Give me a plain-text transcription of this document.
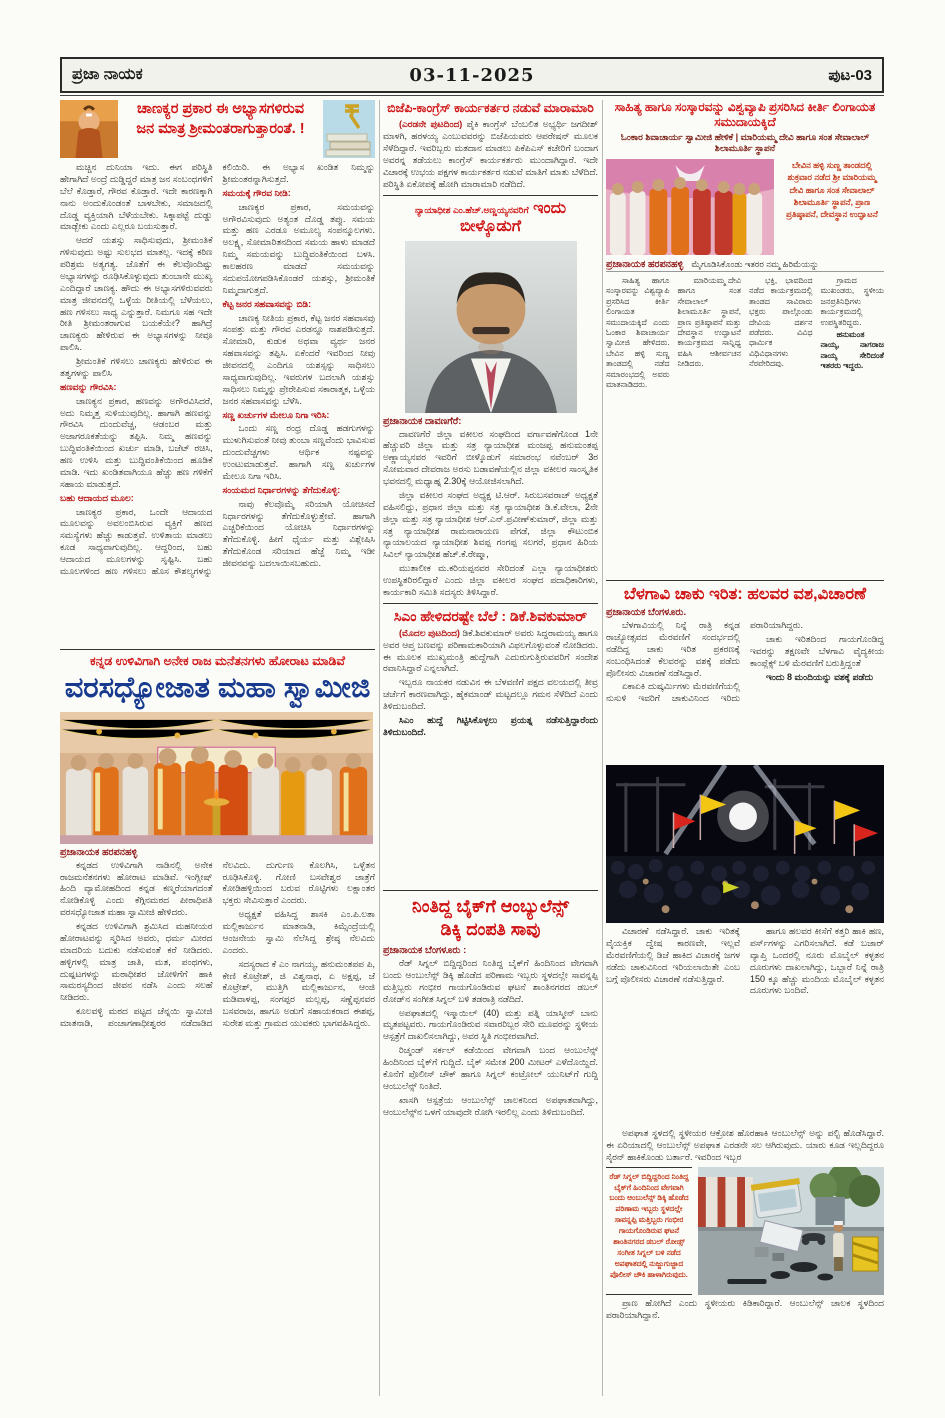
ಪ್ರಜಾ ನಾಯಕ	03-11-2025	ಪುಟ-03
ಚಾಣಕ್ಯರ ಪ್ರಕಾರ ಈ ಅಭ್ಯಾಸಗಳಿರುವ
ಜನ ಮಾತ್ರ ಶ್ರೀಮಂತರಾಗುತ್ತಾರಂತೆ. !

ಮಚ್ಚಿನ ದುನಿಯಾ ಇದು. ಈಗ ಪರಿಸ್ಥಿತಿ ಹೇಗಾಗಿದೆ ಅಂದ್ರೆ ದುಡ್ಡಿದ್ದರೆ ಮಾತ್ರ ಜನ ಸಂಬಂಧಗಳಿಗೆ ಬೆಲೆ ಕೊಡ್ತಾರೆ, ಗೌರವ ಕೊಡ್ತಾರೆ. ಇದೇ ಕಾರಣಕ್ಕಾಗಿ ನಾನು ಅಂದುಕೊಂಡಂತೆ ಬಾಳಬೇಕು, ಸಮಾಜದಲ್ಲಿ ದೊಡ್ಡ ವ್ಯಕ್ತಿಯಾಗಿ ಬೆಳೆಯಬೇಕು. ಸಿಕ್ಕಾಪಟ್ಟೆ ದುಡ್ಡು ಮಾಡ್ಬೇಕು ಎಂದು ಎಲ್ಲರೂ ಬಯಸುತ್ತಾರೆ.

ಆದರೆ ಯಶಸ್ಸು ಸಾಧಿಸುವುದು, ಶ್ರೀಮಂತಿಕೆ ಗಳಿಸುವುದು ಅಷ್ಟು ಸುಲಭದ ಮಾತಲ್ಲ. ಇದಕ್ಕೆ ಕಠಿಣ ಪರಿಶ್ರಮ ಅತ್ಯಗತ್ಯ. ಜೊತೆಗೆ ಈ ಕೆಲವೊಂದಿಷ್ಟು ಅಭ್ಯಾಸಗಳನ್ನು ರೂಢಿಸಿಕೊಳ್ಳುವುದು ತುಂಬಾನೇ ಮುಖ್ಯ ಎಂದಿದ್ದಾರೆ ಚಾಣಕ್ಯ. ಹೌದು ಈ ಅಭ್ಯಾಸಗಳಿರುವವರು ಮಾತ್ರ ಜೀವನದಲ್ಲಿ ಒಳ್ಳೆಯ ರೀತಿಯಲ್ಲಿ ಬೆಳೆಯಲು, ಹಣ ಗಳಿಸಲು ಸಾಧ್ಯ ಎನ್ನುತ್ತಾರೆ. ನಿಮಗೂ ಸಹ ಇದೇ ರೀತಿ ಶ್ರೀಮಂತರಾಗುವ ಬಯಕೆಯೇ? ಹಾಗಿದ್ರೆ ಚಾಣಕ್ಯರು ಹೇಳಿರುವ ಈ ಅಭ್ಯಾಸಗಳನ್ನು ನೀವೂ ಪಾಲಿಸಿ.

ಶ್ರೀಮಂತಿಕೆ ಗಳಿಸಲು ಚಾಣಕ್ಯರು ಹೇಳಿರುವ ಈ ತತ್ವಗಳನ್ನು ಪಾಲಿಸಿ

ಹಣವನ್ನು ಗೌರವಿಸಿ:

ಚಾಣಕ್ಯನ ಪ್ರಕಾರ, ಹಣವನ್ನು ಅಗೌರವಿಸಿದರೆ, ಅದು ನಿಮ್ಮತ್ತ ಸುಳಿಯುವುದಿಲ್ಲ. ಹಾಗಾಗಿ ಹಣವನ್ನು ಗೌರವಿಸಿ ದುಂದುವೆಚ್ಚ, ಆಡಂಬರ ಮತ್ತು ಅಜಾಗರೂಕತೆಯನ್ನು ತಪ್ಪಿಸಿ. ನಿಮ್ಮ ಹಣವನ್ನು ಬುದ್ಧಿವಂತಿಕೆಯಿಂದ ಖರ್ಚು ಮಾಡಿ, ಬಜೆಟ್ ರಚಿಸಿ, ಹಣ ಉಳಿಸಿ ಮತ್ತು ಬುದ್ಧಿವಂತಿಕೆಯಿಂದ ಹೂಡಿಕೆ ಮಾಡಿ. ಇದು ಖಂಡಿತವಾಗಿಯೂ ಹೆಚ್ಚು ಹಣ ಗಳಿಕೆಗೆ ಸಹಾಯ ಮಾಡುತ್ತದೆ.

ಬಹು ಆದಾಯದ ಮೂಲ:

ಚಾಣಕ್ಯರ ಪ್ರಕಾರ, ಒಂದೇ ಆದಾಯದ ಮೂಲವನ್ನು ಅವಲಂಬಿಸಿರುವ ವ್ಯಕ್ತಿಗೆ ಹಣದ ಸಮಸ್ಯೆಗಳು ಹೆಚ್ಚು ಕಾಡುತ್ತವೆ. ಉಳಿತಾಯ ಮಾಡಲು ಕೂಡ ಸಾಧ್ಯವಾಗುವುದಿಲ್ಲ. ಆದ್ದರಿಂದ, ಬಹು ಆದಾಯದ ಮೂಲಗಳನ್ನು ಸೃಷ್ಟಿಸಿ. ಬಹು ಮೂಲಗಳಿಂದ ಹಣ ಗಳಿಸಲು ಹೊಸ ಕೌಶಲ್ಯಗಳನ್ನು ಕಲಿಯಿರಿ. ಈ ಅಭ್ಯಾಸ ಖಂಡಿತ ನಿಮ್ಮನ್ನು ಶ್ರೀಮಂತರನ್ನಾಗಿಸುತ್ತದೆ.

ಸಮಯಕ್ಕೆ ಗೌರವ ನೀಡಿ:

ಚಾಣಕ್ಯರ ಪ್ರಕಾರ, ಸಮಯವನ್ನು ಅಗೌರವಿಸುವುದು ಅತ್ಯಂತ ದೊಡ್ಡ ತಪ್ಪು. ಸಮಯ ಮತ್ತು ಹಣ ಎರಡೂ ಅಮೂಲ್ಯ ಸಂಪನ್ಮೂಲಗಳು. ಅಲಕ್ಷ್ಯ, ಸೋಮಾರಿತನದಿಂದ ಸಮಯ ಹಾಳು ಮಾಡದೆ ನಿಮ್ಮ ಸಮಯವನ್ನು ಬುದ್ಧಿವಂತಿಕೆಯಿಂದ ಬಳಸಿ. ಕಾಲಹರಣ ಮಾಡದೆ ಸಮಯವನ್ನು ಸದುಪಯೋಗಪಡಿಸಿಕೊಂಡರೆ ಯಶಸ್ಸು, ಶ್ರೀಮಂತಿಕೆ ನಿಮ್ಮದಾಗುತ್ತದೆ.

ಕೆಟ್ಟ ಜನರ ಸಹವಾಸವನ್ನು ಬಿಡಿ:

ಚಾಣಕ್ಯ ನೀತಿಯ ಪ್ರಕಾರ, ಕೆಟ್ಟ ಜನರ ಸಹವಾಸವು ಸಂಪತ್ತು ಮತ್ತು ಗೌರವ ಎರಡನ್ನೂ ನಾಶಪಡಿಸುತ್ತದೆ. ಸೋಮಾರಿ, ಕುಡುಕ ಅಥವಾ ವ್ಯರ್ಥ ಜನರ ಸಹವಾಸವನ್ನು ತಪ್ಪಿಸಿ. ಏಕೆಂದರೆ ಇವರಿಂದ ನೀವು ಜೀವನದಲ್ಲಿ ಎಂದಿಗೂ ಯಶಸ್ಸನ್ನು ಸಾಧಿಸಲು ಸಾಧ್ಯವಾಗುವುದಿಲ್ಲ. ಇವರುಗಳ ಬದಲಾಗಿ ಯಶಸ್ಸು ಸಾಧಿಸಲು ನಿಮ್ಮನ್ನು ಪ್ರೇರೇಪಿಸುವ ಸಕಾರಾತ್ಮಕ, ಒಳ್ಳೆಯ ಜನರ ಸಹವಾಸವನ್ನು ಬೆಳೆಸಿ.

ಸಣ್ಣ ಖರ್ಚುಗಳ ಮೇಲೂ ನಿಗಾ ಇರಿಸಿ:

ಒಂದು ಸಣ್ಣ ರಂಧ್ರ ದೊಡ್ಡ ಹಡಗುಗಳನ್ನು ಮುಳುಗಿಸುವಂತೆ ನೀವು ತುಂಬಾ ಸಣ್ಣವೆಂದು ಭಾವಿಸುವ ದುಂದುವೆಚ್ಚಗಳು ಆರ್ಥಿಕ ನಷ್ಟವನ್ನು ಉಂಟುಮಾಡುತ್ತವೆ. ಹಾಗಾಗಿ ಸಣ್ಣ ಖರ್ಚುಗಳ ಮೇಲೂ ನಿಗಾ ಇರಿಸಿ.

ಸಂಯಮದ ನಿರ್ಧಾರಗಳನ್ನು ತೆಗೆದುಕೊಳ್ಳಿ:

ನಾವು ಕೆಲವೊಮ್ಮೆ ಸರಿಯಾಗಿ ಯೋಚಿಸದೆ ನಿರ್ಧಾರಗಳನ್ನು ತೆಗೆದುಕೊಳ್ಳುತ್ತೇವೆ. ಹಾಗಾಗಿ ಎಚ್ಚರಿಕೆಯಿಂದ ಯೋಚಿಸಿ ನಿರ್ಧಾರಗಳನ್ನು ತೆಗೆದುಕೊಳ್ಳಿ. ಹೀಗೆ ಧೈರ್ಯ ಮತ್ತು ವಿಶ್ಲೇಷಿಸಿ ತೆಗೆದುಕೊಂಡ ಸರಿಯಾದ ಹೆಜ್ಜೆ ನಿಮ್ಮ ಇಡೀ ಜೀವನವನ್ನು ಬದಲಾಯಿಸಬಹುದು.

ಕನ್ನಡ ಉಳಿವಿಗಾಗಿ ಅನೇಕ ರಾಜ ಮನೆತನಗಳು ಹೋರಾಟ ಮಾಡಿವೆ
ವರಸಧ್ಯೋಜಾತ ಮಹಾ ಸ್ವಾಮೀಜಿ
ಪ್ರಜಾನಾಯಕ ಹರಪನಹಳ್ಳಿ

ಕನ್ನಡದ ಉಳಿವಿಗಾಗಿ ನಾಡಿನಲ್ಲಿ ಅನೇಕ ರಾಜಮನೆತನಗಳು ಹೋರಾಟ ಮಾಡಿವೆ. ಇಂಗ್ಲೀಷ್ ಹಿಂದಿ ವ್ಯಾಮೋಹದಿಂದ ಕನ್ನಡ ಕಣ್ಮರೆಯಾಗದಂತೆ ನೋಡಿಕೊಳ್ಳಿ ಎಂದು ಕೆಗ್ಗಿನಮಠದ ಪೀಠಾಧಿಪತಿ ವರಸಧ್ಯೋಜಾತ ಮಹಾ ಸ್ವಾಮೀಜಿ ಹೇಳಿದರು.

ಕನ್ನಡದ ಉಳಿವಿಗಾಗಿ ಶ್ರಮಿಸಿದ ಮಹನೀಯರ ಹೋರಾಟವನ್ನು ಸ್ಮರಿಸಿದ ಅವರು, ಧರ್ಮ ಮೀರದ ಮಾದರಿಯ ಬದುಕು ನಡೆಸುವಂತೆ ಕರೆ ನೀಡಿದರು. ಹಳ್ಳಿಗಳಲ್ಲಿ ಮಾತ್ರ ಜಾತಿ, ಮತ, ಪಂಥಗಳು, ದುಷ್ಪಟಗಳನ್ನು ಮಠಾಧೀಶರ ಜೋಳಿಗೆಗೆ ಹಾಕಿ ಸಾಮರಸ್ಯದಿಂದ ಜೀವನ ನಡೆಸಿ ಎಂದು ಸಲಹೆ ನೀಡಿದರು.

ಕೂಲವಳ್ಳಿ ಮಠದ ಪಟ್ಟದ ಚೆನ್ನಯಿ ಸ್ವಾಮೀಜಿ ಮಾತನಾಡಿ, ಪಂಚಾಗಣಾಧೀಶ್ವರರ ನಡೆದಾಡಿದ ನೆಲವಿದು. ದುರ್ಗುಣ ಕೊಲಗಿಸಿ, ಒಳ್ಳೆತನ ರೂಢಿಸಿಕೊಳ್ಳಿ. ಗೋಣಿ ಬಸವೇಶ್ವರ ಜಾತ್ರೆಗೆ ಕೋಡಿಹಳ್ಳಿಯಿಂದ ಬರುವ ರೊಟ್ಟಿಗಳು ಲಕ್ಷಾಂತರ ಭಕ್ತರು ಸೇವಿಸುತ್ತಾರೆ ಎಂದರು.

ಅಧ್ಯಕ್ಷತೆ ವಹಿಸಿದ್ದ ಶಾಸಕಿ ಎಂ.ಪಿ.ಲತಾ ಮಲ್ಲಿಕಾರ್ಜುನ ಮಾತನಾಡಿ, ಕಿಮ್ಸೆಂದ್ರೆಯಲ್ಲಿ ಆಂಜನೇಯ ಸ್ವಾಮಿ ನೆಲೆಸಿದ್ದ ಶ್ರೇಷ್ಠ ನೆಲವಿದು ಎಂದರು.

ಸದಸ್ಯರಾದ ಕೆ ಎಂ ನಾಗಯ್ಯ, ಹನುಮಂತಪಪ ಪಿ, ಕೇಣಿ ಕೊಟ್ರೇಶ್, ಜಿ ವಿಶ್ವನಾಥ, ಏ ಅಕ್ಷಪ್ಪ, ಜೆ ಕೊಟ್ರೇಶ್, ಮುತ್ತಿಗಿ ಮಲ್ಲಿಕಾರ್ಜುನ, ಆಂಜಿ ಮಡಿವಾಳಪ್ಪ, ಸಂಗಪ್ಪರ ಮಲ್ಲಪ್ಪ, ಸಣ್ಣೆಪ್ಪನವರ ಬಸವರಾಜ, ಹಾಗೂ ಅಡುಗೆ ಸಹಾಯಕರಾದ ಈಶಪ್ಪ, ಸುರೇಶ ಮತ್ತು ಗ್ರಾಮದ ಯುವಕರು ಭಾಗವಹಿಸಿದ್ದರು.

ಬಿಜೆಪಿ-ಕಾಂಗ್ರೆಸ್ ಕಾರ್ಯಕರ್ತರ ನಡುವೆ ಮಾರಾಮಾರಿ

(ಎರಡನೇ ಪುಟದಿಂದ) ಪೈಕಿ ಕಾಂಗ್ರೆಸ್ ಬೆಂಬಲಿತ ಅಭ್ಯರ್ಥಿ ಜಗದೀಶ್ ಮಾಳಗಿ, ಹರಳಯ್ಯ ಎಂಬುವವರನ್ನು ಬಿಜೆಪಿಯವರು ಆಪರೇಷನ್ ಮೂಲಕ ಸೆಳೆದಿದ್ದಾರೆ. ಇವರಿಬ್ಬರು ಮತದಾನ ಮಾಡಲು ಪಿಕೆಪಿಎಸ್ ಕಚೇರಿಗೆ ಬಂದಾಗ ಅವರನ್ನ ತಡೆಯಲು ಕಾಂಗ್ರೆಸ್ ಕಾರ್ಯಕರ್ತರು ಮುಂದಾಗಿದ್ದಾರೆ. ಇದೇ ವಿಚಾರಕ್ಕೆ ಉಭಯ ಪಕ್ಷಗಳ ಕಾರ್ಯಕರ್ತರ ನಡುವೆ ಮಾತಿಗೆ ಮಾತು ಬೆಳೆದಿದೆ. ಪರಿಸ್ಥಿತಿ ಏಕೋಪಕ್ಕೆ ಹೋಗಿ ಮಾರಾಮಾರಿ ನಡೆದಿದೆ.

ನ್ಯಾಯಾಧೀಶ ಎಂ.ಹೆಚ್.ಅಣ್ಣಯ್ಯನವರಿಗೆ ಇಂದು ಬೀಳ್ಕೊಡುಗೆ
ಪ್ರಜಾನಾಯಕ ದಾವಣಗೆರೆ:

ದಾವಣಗೆರೆ ಜಿಲ್ಲಾ ವಕೀಲರ ಸಂಘದಿಂದ ವರ್ಗಾವಣೆಗೊಂಡ 1ನೇ ಹೆಚ್ಚುವರಿ ಜಿಲ್ಲಾ ಮತ್ತು ಸತ್ರ ನ್ಯಾಯಾಧೀಶ ಮಂಜಪ್ಪ ಹನುಮಂತಪ್ಪ ಅಣ್ಣಾಯ್ಯನವರ ಇವರಿಗೆ ಬೀಳ್ಕೊಡುಗೆ ಸಮಾರಂಭ ನವೆಂಬರ್ 3ರ ಸೋಮವಾರ ದೇವರಾಜ ಅರಸು ಬಡಾವಣೆಯಲ್ಲಿನ ಜಿಲ್ಲಾ ವಕೀಲರ ಸಾಂಸ್ಕೃತಿಕ ಭವನದಲ್ಲಿ ಮಧ್ಯಾಹ್ನ 2.30ಕ್ಕೆ ಆಯೋಜಿಸಲಾಗಿದೆ.

ಜಿಲ್ಲಾ ವಕೀಲರ ಸಂಘದ ಅಧ್ಯಕ್ಷ ಟಿ.ಆರ್. ಸಿರುಬಸವರಾಜ್ ಅಧ್ಯಕ್ಷತೆ ವಹಿಸಲಿದ್ದು, ಪ್ರಧಾನ ಜಿಲ್ಲಾ ಮತ್ತು ಸತ್ರ ನ್ಯಾಯಾಧೀಶ ಡಿ.ಕೆ.ವೇಲಾ, 2ನೇ ಜಿಲ್ಲಾ ಮತ್ತು ಸತ್ರ ನ್ಯಾಯಾಧೀಶ ಆರ್.ಎನ್.ಪ್ರವೀಣ್‌ಕುಮಾರ್, ಜಿಲ್ಲಾ ಮತ್ತು ಸತ್ರ ನ್ಯಾಯಾಧೀಶ ರಾಮನಾರಾಯಣ ಪೆಗಡೆ, ಜಿಲ್ಲಾ ಕೌಟುಂಬಿಕ ನ್ಯಾಯಾಲಯದ ನ್ಯಾಯಾಧೀಶ ಶಿವಪ್ಪ ಗಂಗಪ್ಪ ಸಲಗರೆ, ಪ್ರಧಾನ ಹಿರಿಯ ಸಿವಿಲ್ ನ್ಯಾಯಾಧೀಶ ಹೆಚ್.ಕೆ.ರೇಷ್ಮಾ,

ಮುತಾಲೀಕ ಮ.ಕರಿಯಪ್ಪನವರ ಸೇರಿದಂತೆ ಎಲ್ಲಾ ನ್ಯಾಯಾಧೀಶರು ಉಪಸ್ಥಿತರಿರಲಿದ್ದಾರೆ ಎಂದು ಜಿಲ್ಲಾ ವಕೀಲರ ಸಂಘದ ಪದಾಧಿಕಾರಿಗಳು, ಕಾರ್ಯಕಾರಿ ಸಮಿತಿ ಸದಸ್ಯರು ತಿಳಿಸಿದ್ದಾರೆ.

ಸಿಎಂ ಹೇಳಿದರಷ್ಟೇ ಬೆಲೆ : ಡಿಕೆ.ಶಿವಕುಮಾರ್

(ಮೊದಲ ಪುಟದಿಂದ) ಡಿಕೆ.ಶಿವಕುಮಾರ್ ಅವರು ಸಿದ್ದರಾಮಯ್ಯ ಹಾಗೂ ಅವರ ಆಪ್ತ ಬಣವನ್ನು ಪರಿಣಾಮಕಾರಿಯಾಗಿ ವಿಫಲಗೊಳ್ಳುವಂತೆ ನೋಡಿದರು. ಈ ಮೂಲಕ ಮುಖ್ಯಮಂತ್ರಿ ಹುದ್ದೆಗಾಗಿ ಎದುರುಗುತ್ತಿರುವವರಿಗೆ ಸಂದೇಶ ರವಾನಿಸಿದ್ದಾರೆ ಎನ್ನಲಾಗಿದೆ.

ಇಬ್ಬರೂ ನಾಯಕರ ನಡುವಿನ ಈ ಬೆಳವಣಿಗೆ ಪಕ್ಷದ ವಲಯದಲ್ಲಿ ತೀವ್ರ ಚರ್ಚೆಗೆ ಕಾರಣವಾಗಿದ್ದು, ಹೈಕಮಾಂಡ್ ಮಟ್ಟದಲ್ಲೂ ಗಮನ ಸೆಳೆದಿದೆ ಎಂದು ತಿಳಿದುಬಂದಿದೆ.

ಸಿಎಂ ಹುದ್ದೆ ಗಿಟ್ಟಿಸಿಕೊಳ್ಳಲು ಪ್ರಯತ್ನ ನಡೆಸುತ್ತಿದ್ದಾರೆಂದು ತಿಳಿದುಬಂದಿದೆ.

ನಿಂತಿದ್ದ ಬೈಕ್‌ಗೆ ಆಂಬ್ಯುಲೆನ್ಸ್
ಡಿಕ್ಕಿ ದಂಪತಿ ಸಾವು
ಪ್ರಜಾನಾಯಕ ಬೆಂಗಳೂರು :

ರೆಡ್ ಸಿಗ್ನಲ್ ಬಿದ್ದಿದ್ದರಿಂದ ನಿಂತಿದ್ದ ಬೈಕ್‌ಗೆ ಹಿಂದಿನಿಂದ ವೇಗವಾಗಿ ಬಂದು ಆಂಬುಲೆನ್ಸ್ ಡಿಕ್ಕಿ ಹೊಡೆದ ಪರಿಣಾಮ ಇಬ್ಬರು ಸ್ಥಳದಲ್ಲೇ ಸಾವನ್ನಪ್ಪಿ ಮತ್ತಿಬ್ಬರು ಗಂಭೀರ ಗಾಯಗೊಂಡಿರುವ ಘಟನೆ ಶಾಂತಿನಗರದ ಡಬಲ್ ರೋಡ್‌ನ ಸಂಗೀತ ಸಿಗ್ನಲ್ ಬಳಿ ತಡರಾತ್ರಿ ನಡೆದಿದೆ.

ಅಪಘಾತದಲ್ಲಿ ಇಸ್ಮಾಯಿಲ್ (40) ಮತ್ತು ಪತ್ನಿ ಯಾಸ್ಮೀನ್ ಬಾನು ಮೃತಪಟ್ಟವರು. ಗಾಯಗೊಂಡಿರುವ ಸವಾರರಿಬ್ಬರ ಸೇರಿ ಮೂವರನ್ನು ಸ್ಥಳೀಯ ಆಸ್ಪತ್ರೆಗೆ ದಾಖಲಿಸಲಾಗಿದ್ದು, ಅವರ ಸ್ಥಿತಿ ಗಂಭೀರವಾಗಿದೆ.

ರಿಚ್ಮಂಡ್ ಸರ್ಕಲ್ ಕಡೆಯಿಂದ ವೇಗವಾಗಿ ಬಂದ ಆಂಬುಲೆನ್ಸ್ ಹಿಂದಿನಿಂದ ಬೈಕ್‌ಗೆ ಗುದ್ದಿದೆ. ಬೈಕ್ ಸಮೇತ 200 ಮೀಟರ್ ಎಳೆದೊಯ್ದಿದೆ. ಕೊನೆಗೆ ಪೊಲೀಸ್ ಚೌಕ್ ಹಾಗೂ ಸಿಗ್ನಲ್ ಕಂಟ್ರೋಲ್ ಯುನಿಟ್‌ಗೆ ಗುದ್ದಿ ಆಂಬುಲೆನ್ಸ್ ನಿಂತಿದೆ.

ಖಾಸಗಿ ಆಸ್ಪತ್ರೆಯ ಆಂಬುಲೆನ್ಸ್ ಚಾಲಕನಿಂದ ಅಪಘಾತವಾಗಿದ್ದು, ಆಂಬುಲೆನ್ಸ್‌ನ ಒಳಗೆ ಯಾವುದೇ ರೋಗಿ ಇರಲಿಲ್ಲ ಎಂದು ತಿಳಿದುಬಂದಿದೆ.

ಸಾಹಿತ್ಯ ಹಾಗೂ ಸಂಸ್ಕಾರವನ್ನು ವಿಶ್ವವ್ಯಾಪಿ ಪ್ರಸರಿಸಿದ ಕೀರ್ತಿ ಲಿಂಗಾಯತ ಸಮುದಾಯಕ್ಕಿದೆ
ಓಂಕಾರ ಶಿವಾಚಾರ್ಯ ಸ್ವಾಮೀಜಿ ಹೇಳಿಕೆ | ಮಾರಿಯಮ್ಮ ದೇವಿ ಹಾಗೂ ಸಂತ ಸೇವಾಲಾಲ್ ಶಿಲಾಮೂರ್ತಿ ಸ್ಥಾಪನೆ
ಬೇವಿನ ಹಳ್ಳಿ ಸುಣ್ಣ ತಾಂಡದಲ್ಲಿ ಶುಕ್ರವಾರ ನಡೆದ ಶ್ರೀ ಮಾರಿಯಮ್ಮ ದೇವಿ ಹಾಗೂ ಸಂತ ಸೇವಾಲಾಲ್ ಶಿಲಾಮೂರ್ತಿ ಸ್ಥಾಪನೆ, ಪ್ರಾಣ ಪ್ರತಿಷ್ಠಾಪನೆ, ದೇವಸ್ಥಾನ ಉದ್ಘಾಟನೆ
ಪ್ರಜಾನಾಯಕ ಹರಪನಹಳ್ಳಿ ಮೈಗೂಡಿಸಿಕೊಂಡು ಇತರರ ನಮ್ಮ ಹಿರಿಮೆಯನ್ನು

ಸಾಹಿತ್ಯ ಹಾಗೂ ಸಂಸ್ಕಾರವನ್ನು ವಿಶ್ವವ್ಯಾಪಿ ಪ್ರಸರಿಸಿದ ಕೀರ್ತಿ ಲಿಂಗಾಯತ ಸಮುದಾಯಕ್ಕಿದೆ ಎಂದು ಓಂಕಾರ ಶಿವಾಚಾರ್ಯ ಸ್ವಾಮೀಜಿ ಹೇಳಿದರು. ಬೇವಿನ ಹಳ್ಳಿ ಸುಣ್ಣ ತಾಂಡದಲ್ಲಿ ನಡೆದ ಸಮಾರಂಭದಲ್ಲಿ ಅವರು ಮಾತನಾಡಿದರು.

ಮಾರಿಯಮ್ಮ ದೇವಿ ಹಾಗೂ ಸಂತ ಸೇವಾಲಾಲ್ ಶಿಲಾಮೂರ್ತಿ ಸ್ಥಾಪನೆ, ಪ್ರಾಣ ಪ್ರತಿಷ್ಠಾಪನೆ ಮತ್ತು ದೇವಸ್ಥಾನ ಉದ್ಘಾಟನೆ ಕಾರ್ಯಕ್ರಮದ ಸಾನ್ನಿಧ್ಯ ವಹಿಸಿ ಆಶೀರ್ವಚನ ನೀಡಿದರು.

ಭಕ್ತಿ, ಭಾವದಿಂದ ನಡೆದ ಕಾರ್ಯಕ್ರಮದಲ್ಲಿ ತಾಂಡದ ಸಾವಿರಾರು ಭಕ್ತರು ಪಾಲ್ಗೊಂಡು ದೇವಿಯ ದರ್ಶನ ಪಡೆದರು. ವಿವಿಧ ಧಾರ್ಮಿಕ ವಿಧಿವಿಧಾನಗಳು ನೆರವೇರಿದವು.

ಗ್ರಾಮದ ಮುಖಂಡರು, ಸ್ಥಳೀಯ ಜನಪ್ರತಿನಿಧಿಗಳು ಕಾರ್ಯಕ್ರಮದಲ್ಲಿ ಉಪಸ್ಥಿತರಿದ್ದರು.

ಹನುಮಂತ ನಾಯ್ಕ, ನಾಗರಾಜ ನಾಯ್ಕ ಸೇರಿದಂತೆ ಇತರರು ಇದ್ದರು.

ಬೆಳಗಾವಿ ಚಾಕು ಇರಿತ: ಹಲವರ ವಶ,ವಿಚಾರಣೆ
ಪ್ರಜಾನಾಯಕ ಬೆಂಗಳೂರು.

ಬೆಳಗಾವಿಯಲ್ಲಿ ನಿನ್ನೆ ರಾತ್ರಿ ಕನ್ನಡ ರಾಜ್ಯೋತ್ಸವದ ಮೆರವಣಿಗೆ ಸಂದರ್ಭದಲ್ಲಿ ನಡೆದಿದ್ದ ಚಾಕು ಇರಿತ ಪ್ರಕರಣಕ್ಕೆ ಸಂಬಂಧಿಸಿದಂತೆ ಕೆಲವರನ್ನು ವಶಕ್ಕೆ ಪಡೆದು ಪೊಲೀಸರು ವಿಚಾರಣೆ ನಡೆಸಿದ್ದಾರೆ.

ಏಕಾಏಕಿ ದುಷ್ಕರ್ಮಿಗಳು ಮೆರವಣಿಗೆಯಲ್ಲಿ ನುಸುಳಿ ಇವರಿಗೆ ಚಾಕುವಿನಿಂದ ಇರಿದು ಪರಾರಿಯಾಗಿದ್ದರು.

ಚಾಕು ಇರಿತದಿಂದ ಗಾಯಗೊಂಡಿದ್ದ ಇವರನ್ನು ತಕ್ಷಣವೇ ಬೆಳಗಾವಿ ವೈದ್ಯಕೀಯ ಕಾಂಪ್ಲೆಕ್ಸ್ ಬಳಿ ಮೆರವಣಿಗೆ ಬರುತ್ತಿದ್ದಂತೆ

ಇಂದು 8 ಮಂದಿಯನ್ನು ವಶಕ್ಕೆ ಪಡೆದು

ವಿಚಾರಣೆ ನಡೆಸಿದ್ದಾರೆ. ಚಾಕು ಇರಿತಕ್ಕೆ ವೈಯಕ್ತಿಕ ದ್ವೇಷ ಕಾರಣವೇ, ಇಲ್ಲವೆ ಮೆರವಣಿಗೆಯಲ್ಲಿ ಡಿಜೆ ಹಾಕಿದ ವಿಚಾರಕ್ಕೆ ಜಗಳ ನಡೆದು ಚಾಕುವಿನಿಂದ ಇರಿಯಲಾಯಿತೇ ಎಂಬ ಬಗ್ಗೆ ಪೊಲೀಸರು ವಿಚಾರಣೆ ನಡೆಸುತ್ತಿದ್ದಾರೆ.

ಹಾಗೂ ಹಲವರ ಕೀಸೆಗೆ ಕತ್ತರಿ ಹಾಕಿ ಹಣ, ಪರ್ಸ್‌ಗಳನ್ನು ಎಗರಿಸಲಾಗಿದೆ. ಕಡೆ ಬಜಾರ್ ವ್ಯಾಪ್ತಿ ಒಂದರಲ್ಲಿ ನೂರು ಮೊಬೈಲ್ ಕಳ್ಳತನ ದೂರುಗಳು ದಾಖಲಾಗಿದ್ದು, ಒಬ್ಬಾರೆ ನಿನ್ನೆ ರಾತ್ರಿ 150 ಕ್ಕೂ ಹೆಚ್ಚು ಮಂದಿಯ ಮೊಬೈಲ್ ಕಳ್ಳತನ ದೂರುಗಳು ಬಂದಿವೆ.

ಅಪಘಾತ ಸ್ಥಳದಲ್ಲಿ ಸ್ಥಳೀಯರ ಆಕ್ರೋಶ ಹೊರಹಾಕಿ ಆಂಬುಲೆನ್ಸ್ ಅನ್ನು ಪಲ್ಟಿ ಹೊಡೆಸಿದ್ದಾರೆ. ಈ ಏರಿಯಾದಲ್ಲಿ ಆಂಬುಲೆನ್ಸ್ ಅಪಘಾತ ಎರಡನೇ ಸಲ ಆಗಿರುವುದು. ಯಾರು ಕೂಡ ಇಲ್ಲದಿದ್ದರೂ ಸೈರನ್ ಹಾಕಿಕೊಂಡು ಬರ್ತಾರೆ. ಇವರಿಂದ ಇಬ್ಬರ

ರೆಡ್ ಸಿಗ್ನಲ್ ಬಿದ್ದಿದ್ದರಿಂದ ನಿಂತಿದ್ದ ಬೈಕ್‌ಗೆ ಹಿಂದಿನಿಂದ ವೇಗವಾಗಿ ಬಂದು ಆಂಬುಲೆನ್ಸ್ ಡಿಕ್ಕಿ ಹೊಡೆದ ಪರಿಣಾಮ ಇಬ್ಬರು ಸ್ಥಳದಲ್ಲೇ ಸಾವನ್ನಪ್ಪಿ ಮತ್ತಿಬ್ಬರು ಗಂಭೀರ ಗಾಯಗೊಂಡಿರುವ ಘಟನೆ ಶಾಂತಿನಗರದ ಡಬಲ್ ರೋಡ್ಸ್ ಸಂಗೀತ ಸಿಗ್ನಲ್ ಬಳಿ ನಡೆದ ಅಪಘಾತದಲ್ಲಿ ನುಜ್ಜುಗುಜ್ಜಾದ ಪೊಲೀಸ್ ಚೌಕಿ ಹಾಳಾಗಿರುವುದು.

ಪ್ರಾಣ ಹೋಗಿದೆ ಎಂದು ಸ್ಥಳೀಯರು ಕಿಡಿಕಾರಿದ್ದಾರೆ. ಆಂಬುಲೆನ್ಸ್ ಚಾಲಕ ಸ್ಥಳದಿಂದ ಪರಾರಿಯಾಗಿದ್ದಾನೆ.
